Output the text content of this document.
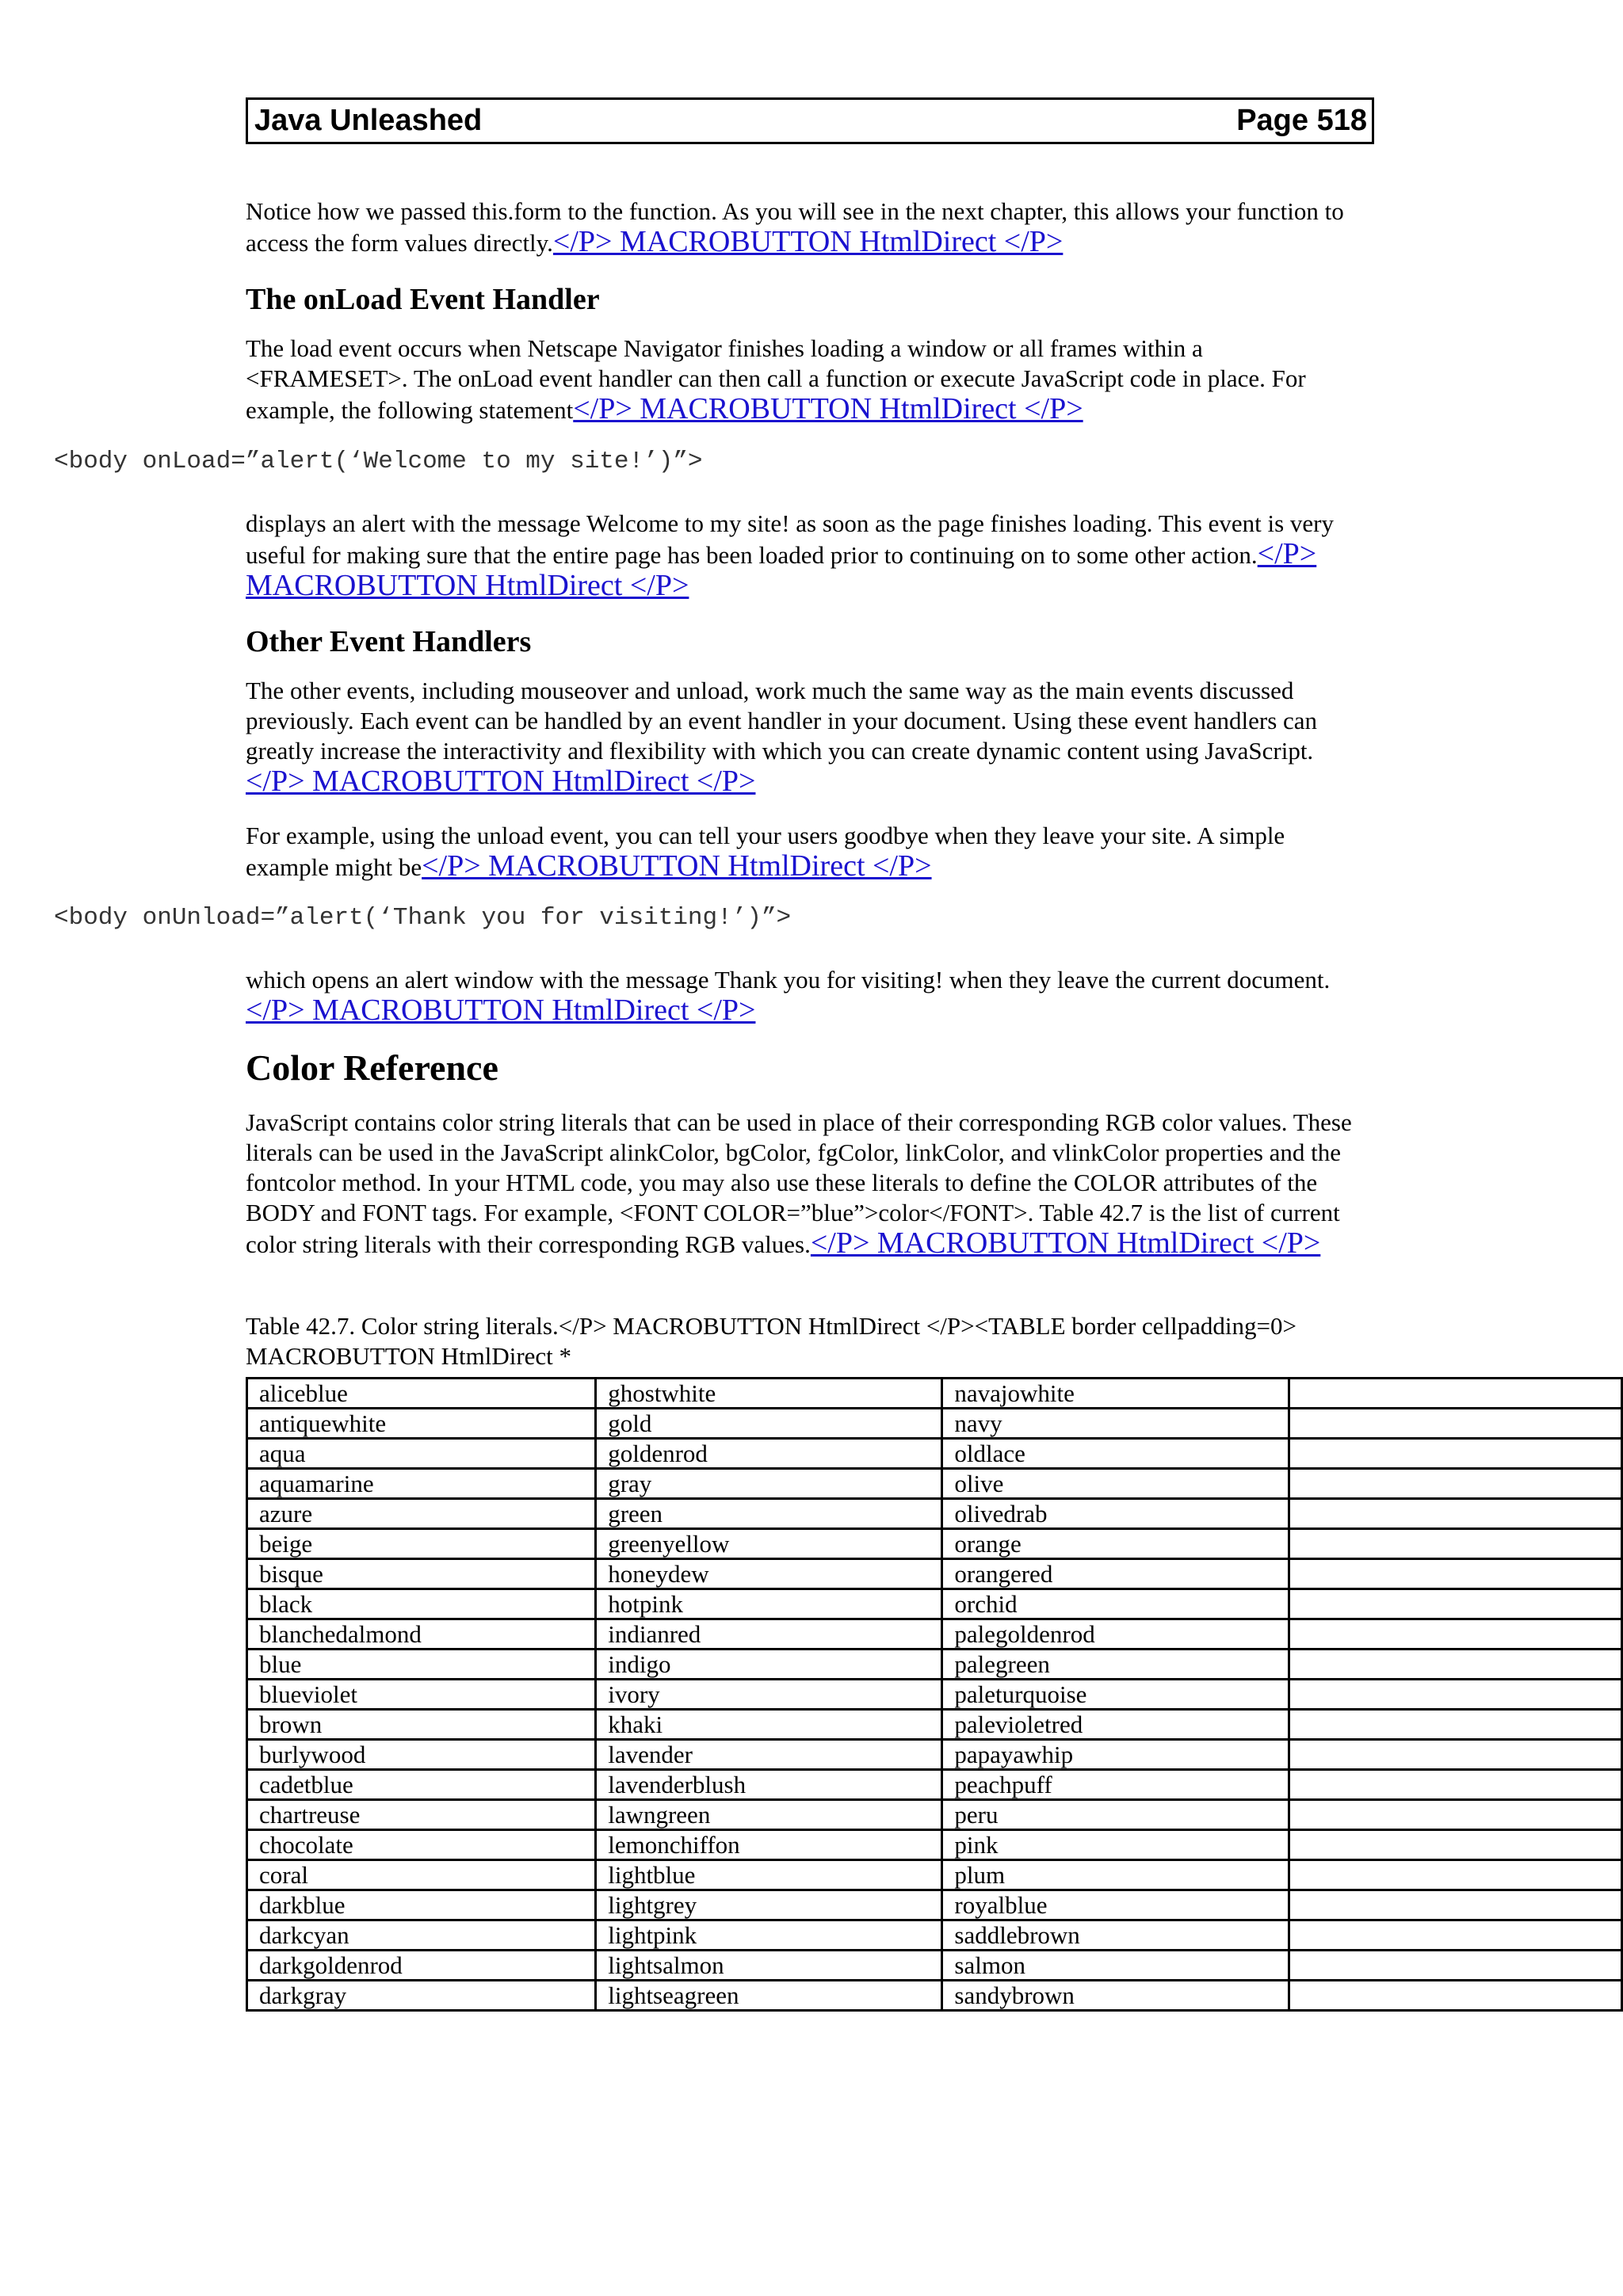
Java Unleashed	Page 518
Notice how we passed this.form to the function. As you will see in the next chapter, this allows your function to access the form values directly.</P> MACROBUTTON HtmlDirect </P>
The onLoad Event Handler
The load event occurs when Netscape Navigator finishes loading a window or all frames within a <FRAMESET>. The onLoad event handler can then call a function or execute JavaScript code in place. For example, the following statement</P> MACROBUTTON HtmlDirect </P>
<body onLoad=”alert(‘Welcome to my site!’)”>
displays an alert with the message Welcome to my site! as soon as the page finishes loading. This event is very useful for making sure that the entire page has been loaded prior to continuing on to some other action.</P> MACROBUTTON HtmlDirect </P>
Other Event Handlers
The other events, including mouseover and unload, work much the same way as the main events discussed previously. Each event can be handled by an event handler in your document. Using these event handlers can greatly increase the interactivity and flexibility with which you can create dynamic content using JavaScript.</P> MACROBUTTON HtmlDirect </P>
For example, using the unload event, you can tell your users goodbye when they leave your site. A simple example might be</P> MACROBUTTON HtmlDirect </P>
<body onUnload=”alert(‘Thank you for visiting!’)”>
which opens an alert window with the message Thank you for visiting! when they leave the current document.</P> MACROBUTTON HtmlDirect </P>
Color Reference
JavaScript contains color string literals that can be used in place of their corresponding RGB color values. These literals can be used in the JavaScript alinkColor, bgColor, fgColor, linkColor, and vlinkColor properties and the fontcolor method. In your HTML code, you may also use these literals to define the COLOR attributes of the BODY and FONT tags. For example, <FONT COLOR=”blue”>color</FONT>. Table 42.7 is the list of current color string literals with their corresponding RGB values.</P> MACROBUTTON HtmlDirect </P>
Table 42.7. Color string literals.</P> MACROBUTTON HtmlDirect </P><TABLE border cellpadding=0> MACROBUTTON HtmlDirect *
aliceblue	ghostwhite	navajowhite	
antiquewhite	gold	navy	
aqua	goldenrod	oldlace	
aquamarine	gray	olive	
azure	green	olivedrab	
beige	greenyellow	orange	
bisque	honeydew	orangered	
black	hotpink	orchid	
blanchedalmond	indianred	palegoldenrod	
blue	indigo	palegreen	
blueviolet	ivory	paleturquoise	
brown	khaki	palevioletred	
burlywood	lavender	papayawhip	
cadetblue	lavenderblush	peachpuff	
chartreuse	lawngreen	peru	
chocolate	lemonchiffon	pink	
coral	lightblue	plum	
darkblue	lightgrey	royalblue	
darkcyan	lightpink	saddlebrown	
darkgoldenrod	lightsalmon	salmon	
darkgray	lightseagreen	sandybrown	
